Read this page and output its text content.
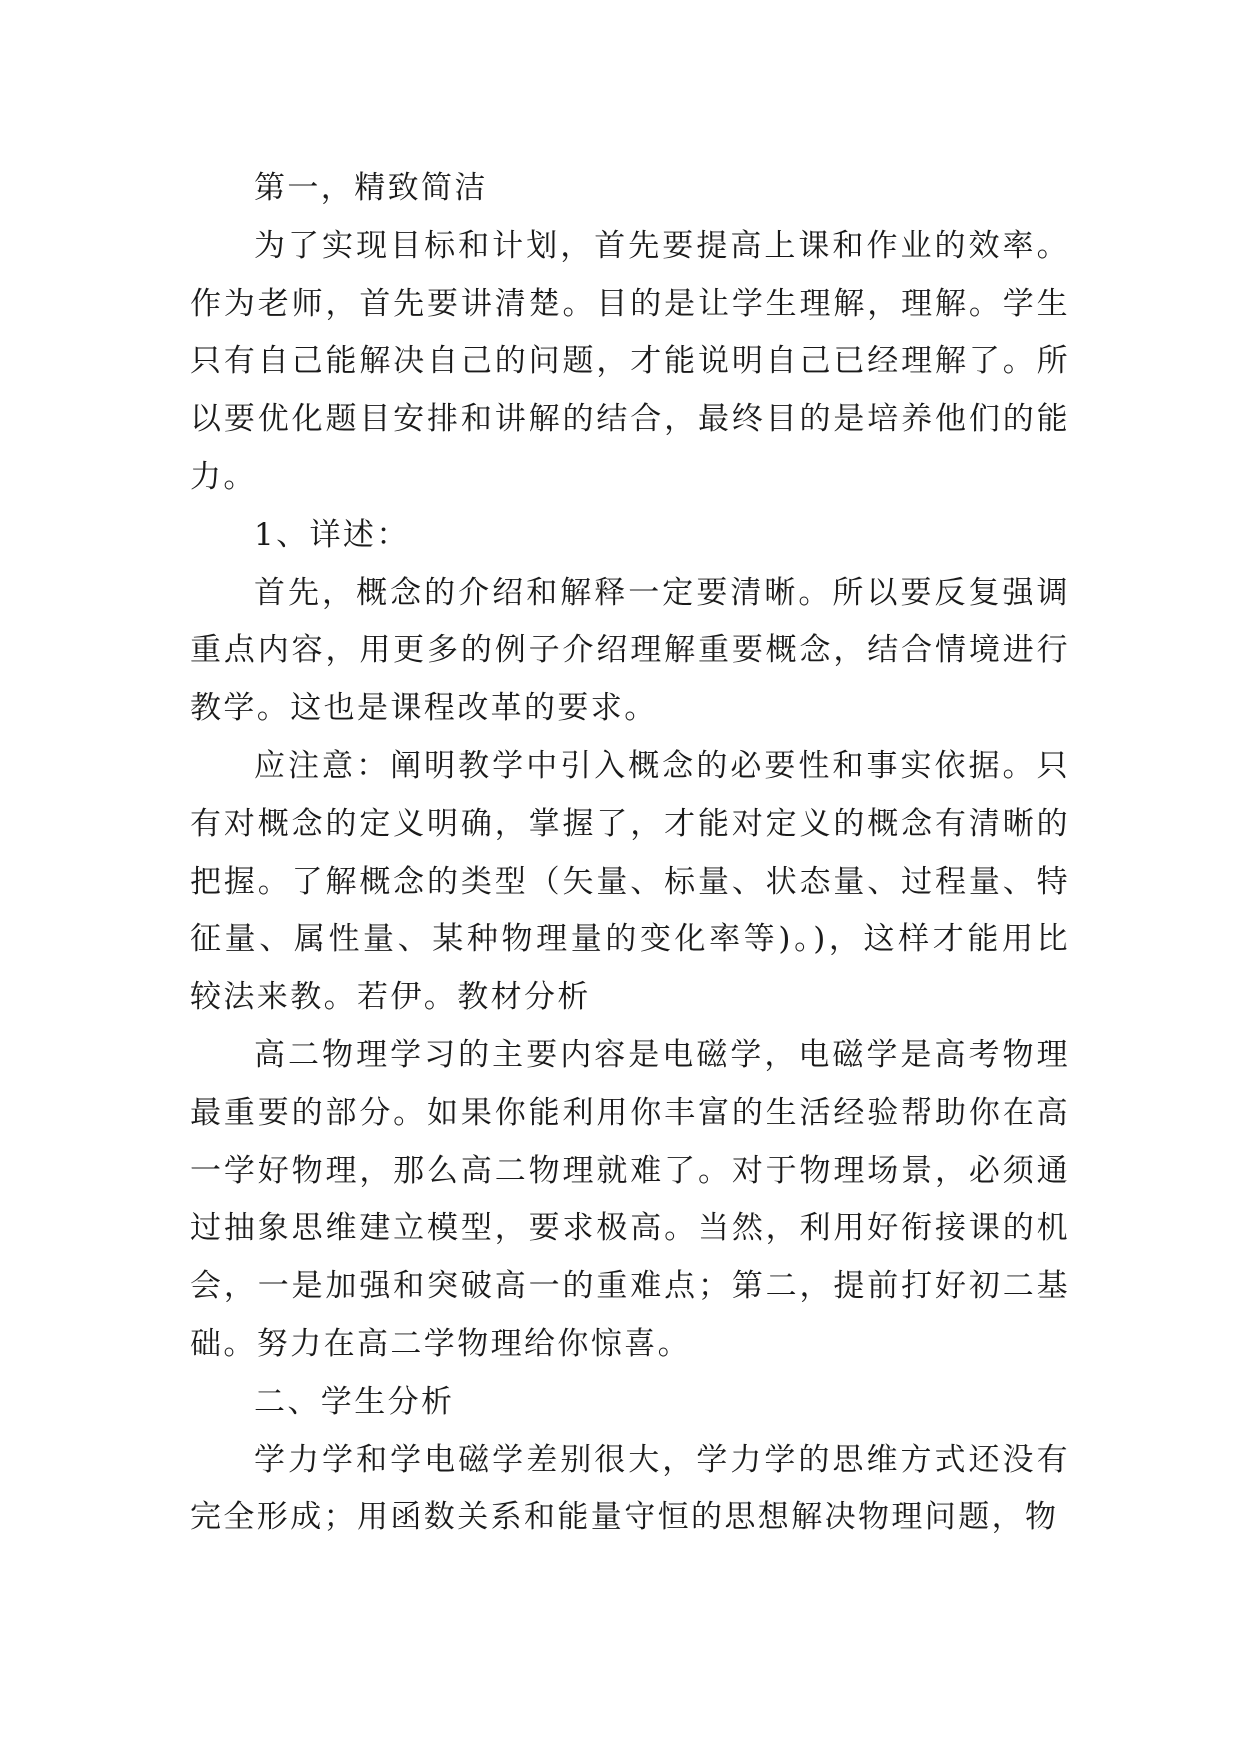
第一，精致简洁

为了实现目标和计划，首先要提高上课和作业的效率。作为老师，首先要讲清楚。目的是让学生理解，理解。学生只有自己能解决自己的问题，才能说明自己已经理解了。所以要优化题目安排和讲解的结合，最终目的是培养他们的能力。

1、详述：

首先，概念的介绍和解释一定要清晰。所以要反复强调重点内容，用更多的例子介绍理解重要概念，结合情境进行教学。这也是课程改革的要求。

应注意：阐明教学中引入概念的必要性和事实依据。只有对概念的定义明确，掌握了，才能对定义的概念有清晰的把握。了解概念的类型（矢量、标量、状态量、过程量、特征量、属性量、某种物理量的变化率等)。)，这样才能用比较法来教。若伊。教材分析

高二物理学习的主要内容是电磁学，电磁学是高考物理最重要的部分。如果你能利用你丰富的生活经验帮助你在高一学好物理，那么高二物理就难了。对于物理场景，必须通过抽象思维建立模型，要求极高。当然，利用好衔接课的机会，一是加强和突破高一的重难点；第二，提前打好初二基础。努力在高二学物理给你惊喜。

二、学生分析

学力学和学电磁学差别很大，学力学的思维方式还没有完全形成；用函数关系和能量守恒的思想解决物理问题，物
